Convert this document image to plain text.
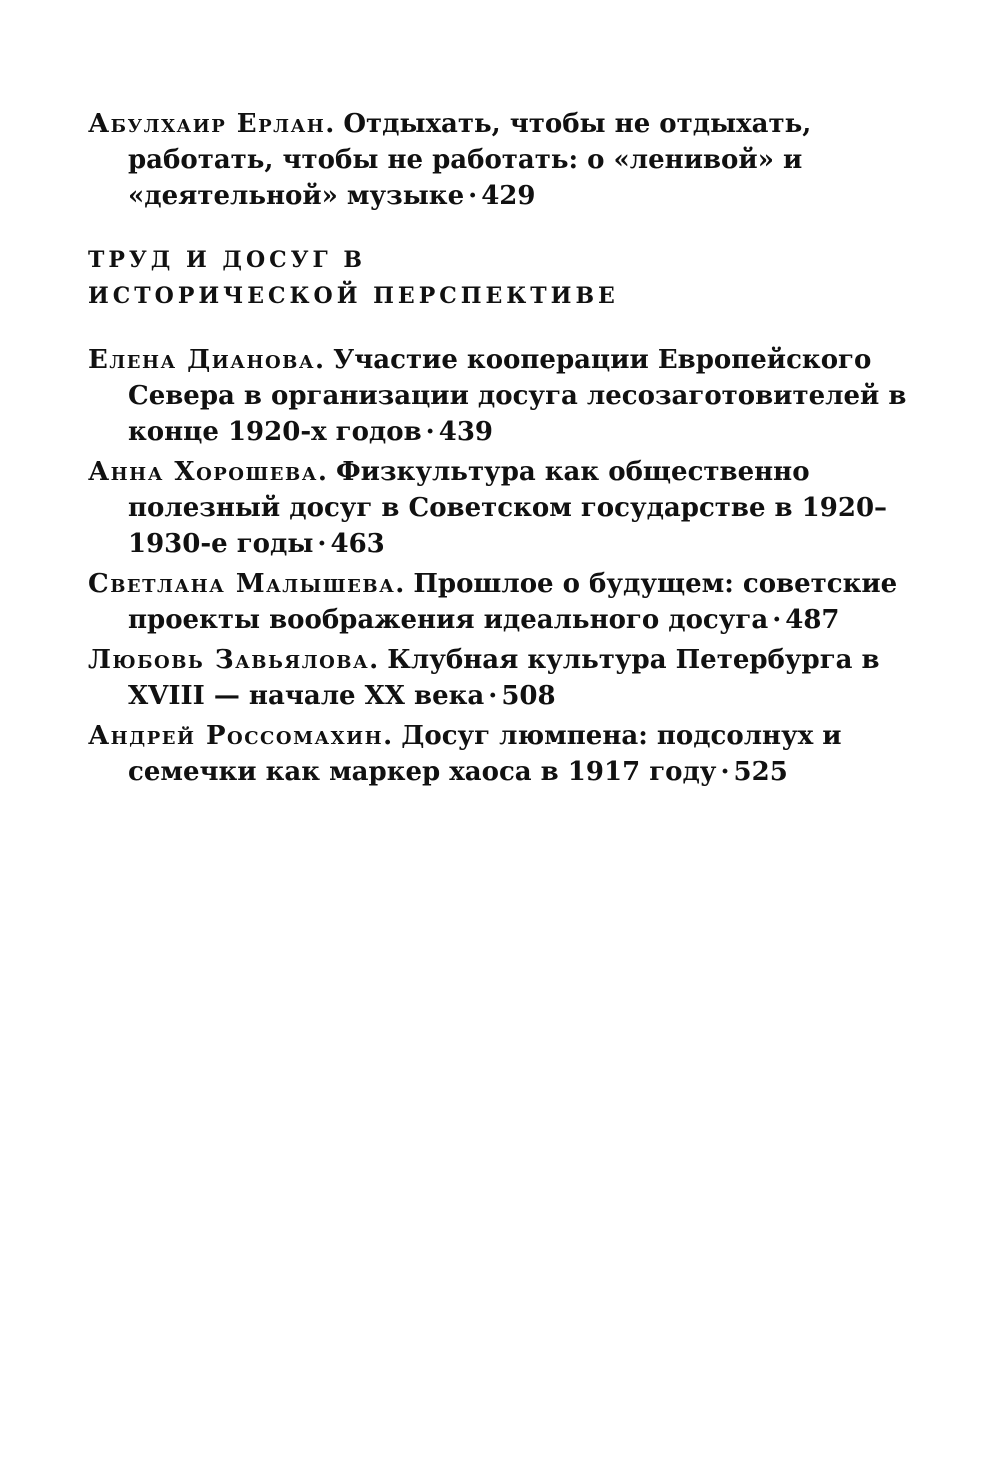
Абулхаир Ерлан. Отдыхать, чтобы не отдыхать, работать, чтобы не работать: о «ленивой» и «деятельной» музыке · 429

ТРУД И ДОСУГ В ИСТОРИЧЕСКОЙ ПЕРСПЕКТИВЕ

Елена Дианова. Участие кооперации Европейского Севера в организации досуга лесозаготовителей в конце 1920-х годов · 439

Анна Хорошева. Физкультура как общественно полезный досуг в Советском государстве в 1920–1930-е годы · 463

Светлана Малышева. Прошлое о будущем: советские проекты воображения идеального досуга · 487

Любовь Завьялова. Клубная культура Петербурга в XVIII — начале XX века · 508

Андрей Россомахин. Досуг люмпена: подсолнух и семечки как маркер хаоса в 1917 году · 525
